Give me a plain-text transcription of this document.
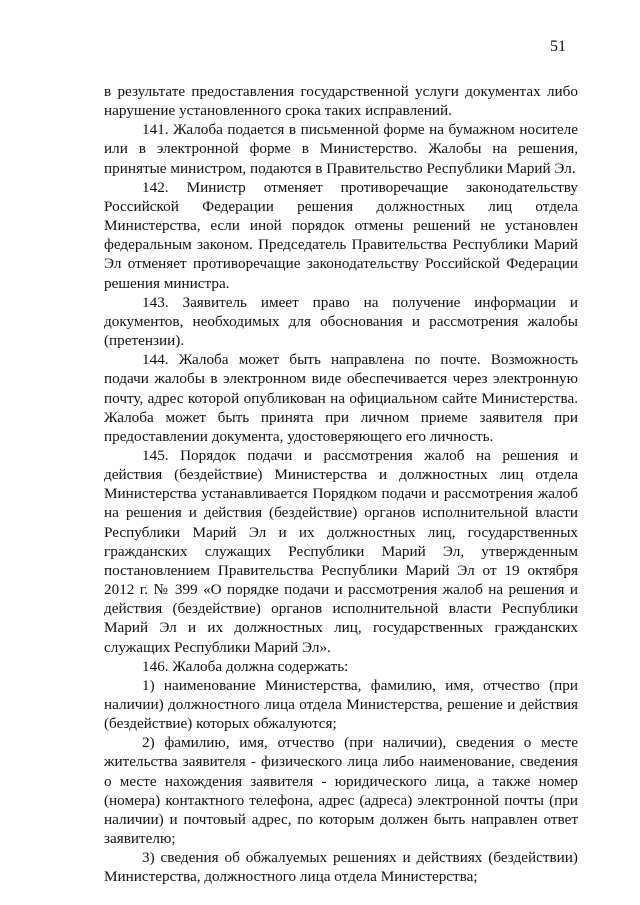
51

в результате предоставления государственной услуги документах либо нарушение установленного срока таких исправлений.

141. Жалоба подается в письменной форме на бумажном носителе или в электронной форме в Министерство. Жалобы на решения, принятые министром, подаются в Правительство Республики Марий Эл.

142. Министр отменяет противоречащие законодательству Российской Федерации решения должностных лиц отдела Министерства, если иной порядок отмены решений не установлен федеральным законом. Председатель Правительства Республики Марий Эл отменяет противоречащие законодательству Российской Федерации решения министра.

143. Заявитель имеет право на получение информации и документов, необходимых для обоснования и рассмотрения жалобы (претензии).

144. Жалоба может быть направлена по почте. Возможность подачи жалобы в электронном виде обеспечивается через электронную почту, адрес которой опубликован на официальном сайте Министерства. Жалоба может быть принята при личном приеме заявителя при предоставлении документа, удостоверяющего его личность.

145. Порядок подачи и рассмотрения жалоб на решения и действия (бездействие) Министерства и должностных лиц отдела Министерства устанавливается Порядком подачи и рассмотрения жалоб на решения и действия (бездействие) органов исполнительной власти Республики Марий Эл и их должностных лиц, государственных гражданских служащих Республики Марий Эл, утвержденным постановлением Правительства Республики Марий Эл от 19 октября 2012 г. № 399 «О порядке подачи и рассмотрения жалоб на решения и действия (бездействие) органов исполнительной власти Республики Марий Эл и их должностных лиц, государственных гражданских служащих Республики Марий Эл».

146. Жалоба должна содержать:

1) наименование Министерства, фамилию, имя, отчество (при наличии) должностного лица отдела Министерства, решение и действия (бездействие) которых обжалуются;

2) фамилию, имя, отчество (при наличии), сведения о месте жительства заявителя - физического лица либо наименование, сведения о месте нахождения заявителя - юридического лица, а также номер (номера) контактного телефона, адрес (адреса) электронной почты (при наличии) и почтовый адрес, по которым должен быть направлен ответ заявителю;

3) сведения об обжалуемых решениях и действиях (бездействии) Министерства, должностного лица отдела Министерства;
